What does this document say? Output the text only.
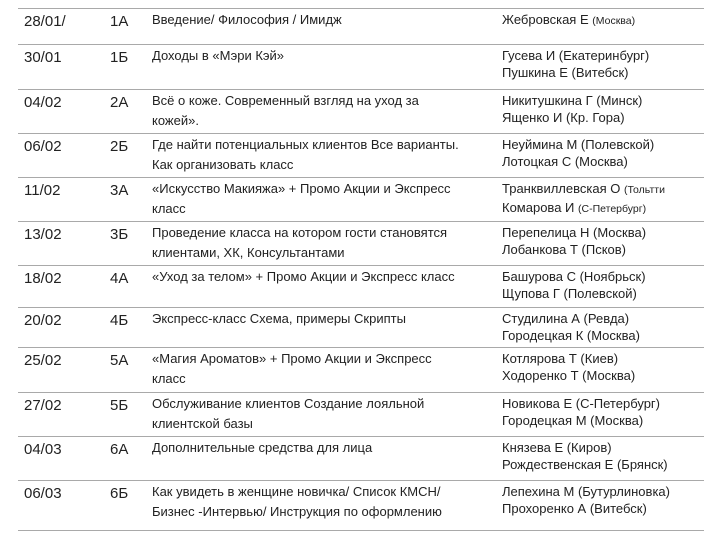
28/01/	1А	Введение/ Философия / Имидж	Жебровская Е (Москва)
30/01	1Б	Доходы в «Мэри Кэй»	Гусева И (Екатеринбург)
Пушкина Е (Витебск)

04/02	2А	Всё о коже. Современный взгляд на уход за
кожей».	Никитушкина Г (Минск)
Ященко И (Кр. Гора)

06/02	2Б	Где найти потенциальных клиентов Все варианты.
Как организовать класс	Неуймина М (Полевской)
Лотоцкая С (Москва)

11/02	3А	«Искусство Макияжа» + Промо Акции и Экспресс
класс	Транквиллевская О (Тольтти
Комарова И (С-Петербург)

13/02	3Б	Проведение класса на котором гости становятся
клиентами, ХК, Консультантами	Перепелица Н (Москва)
Лобанкова Т (Псков)

18/02	4А	«Уход за телом» + Промо Акции и Экспресс класс	Башурова С (Ноябрьск)
Щупова Г (Полевской)

20/02	4Б	Экспресс-класс Схема, примеры Скрипты	Студилина А (Ревда)
Городецкая К (Москва)

25/02	5А	«Магия Ароматов» + Промо Акции и Экспресс
класс	Котлярова Т (Киев)
Ходоренко Т (Москва)

27/02	5Б	Обслуживание клиентов Создание лояльной
клиентской базы	Новикова Е (С-Петербург)
Городецкая М (Москва)

04/03	6А	Дополнительные средства для лица	Князева Е (Киров)
Рождественская Е (Брянск)

06/03	6Б	Как увидеть в женщине новичка/ Список КМСН/
Бизнес -Интервью/ Инструкция по оформлению	Лепехина М (Бутурлиновка)
Прохоренко А (Витебск)
